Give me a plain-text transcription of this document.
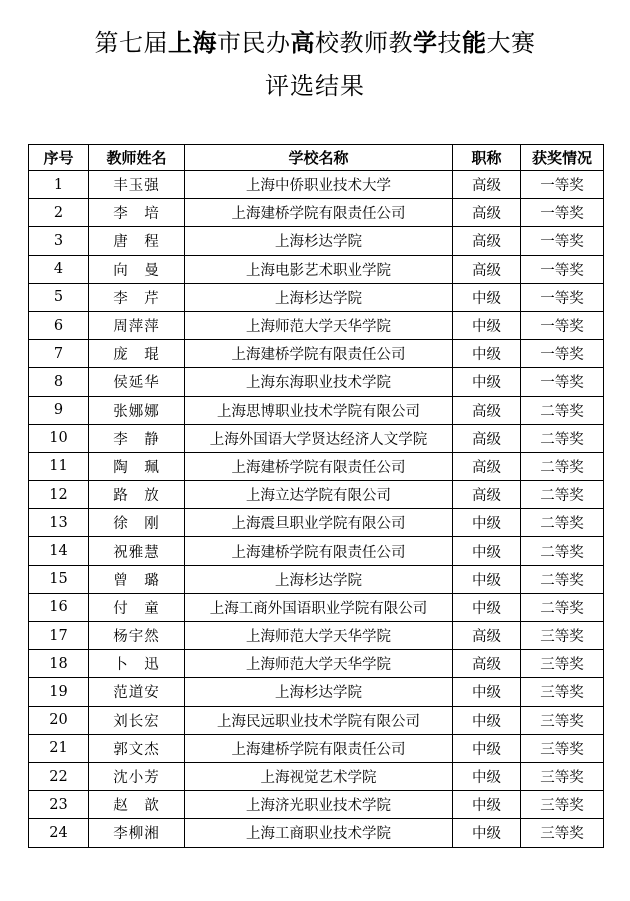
第七届上海市民办高校教师教学技能大赛
评选结果
序号	教师姓名	学校名称	职称	获奖情况
1	丰玉强	上海中侨职业技术大学	高级	一等奖
2	李　培	上海建桥学院有限责任公司	高级	一等奖
3	唐　程	上海杉达学院	高级	一等奖
4	向　曼	上海电影艺术职业学院	高级	一等奖
5	李　芹	上海杉达学院	中级	一等奖
6	周萍萍	上海师范大学天华学院	中级	一等奖
7	庞　琨	上海建桥学院有限责任公司	中级	一等奖
8	侯延华	上海东海职业技术学院	中级	一等奖
9	张娜娜	上海思博职业技术学院有限公司	高级	二等奖
10	李　静	上海外国语大学贤达经济人文学院	高级	二等奖
11	陶　珮	上海建桥学院有限责任公司	高级	二等奖
12	路　放	上海立达学院有限公司	高级	二等奖
13	徐　刚	上海震旦职业学院有限公司	中级	二等奖
14	祝雅慧	上海建桥学院有限责任公司	中级	二等奖
15	曾　璐	上海杉达学院	中级	二等奖
16	付　童	上海工商外国语职业学院有限公司	中级	二等奖
17	杨宇然	上海师范大学天华学院	高级	三等奖
18	卜　迅	上海师范大学天华学院	高级	三等奖
19	范道安	上海杉达学院	中级	三等奖
20	刘长宏	上海民远职业技术学院有限公司	中级	三等奖
21	郭文杰	上海建桥学院有限责任公司	中级	三等奖
22	沈小芳	上海视觉艺术学院	中级	三等奖
23	赵　歆	上海济光职业技术学院	中级	三等奖
24	李柳湘	上海工商职业技术学院	中级	三等奖
